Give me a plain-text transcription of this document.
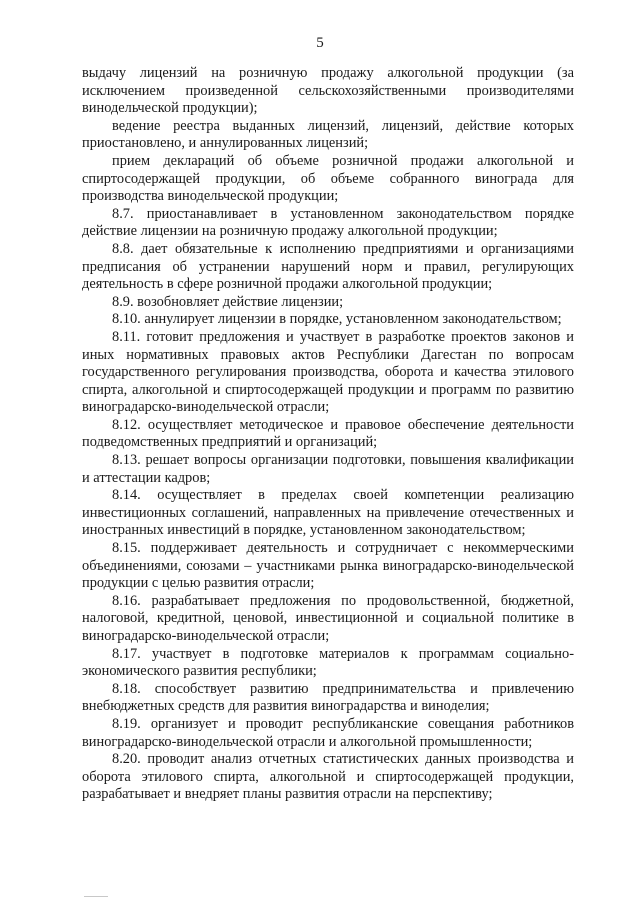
5

выдачу лицензий на розничную продажу алкогольной продукции (за исключением произведенной сельскохозяйственными производителями винодельческой продукции);

ведение реестра выданных лицензий, лицензий, действие которых приостановлено, и аннулированных лицензий;

прием деклараций об объеме розничной продажи алкогольной и спиртосодержащей продукции, об объеме собранного винограда для производства винодельческой продукции;

8.7. приостанавливает в установленном законодательством порядке действие лицензии на розничную продажу алкогольной продукции;

8.8. дает обязательные к исполнению предприятиями и организациями предписания об устранении нарушений норм и правил, регулирующих деятельность в сфере розничной продажи алкогольной продукции;

8.9. возобновляет действие лицензии;

8.10. аннулирует лицензии в порядке, установленном законодательством;

8.11. готовит предложения и участвует в разработке проектов законов и иных нормативных правовых актов Республики Дагестан по вопросам государственного регулирования производства, оборота и качества этилового спирта, алкогольной и спиртосодержащей продукции и программ по развитию виноградарско-винодельческой отрасли;

8.12. осуществляет методическое и правовое обеспечение деятельности подведомственных предприятий и организаций;

8.13. решает вопросы организации подготовки, повышения квалификации и аттестации кадров;

8.14. осуществляет в пределах своей компетенции реализацию инвестиционных соглашений, направленных на привлечение отечественных и иностранных инвестиций в порядке, установленном законодательством;

8.15. поддерживает деятельность и сотрудничает с некоммерческими объединениями, союзами – участниками рынка виноградарско-винодельческой продукции с целью развития отрасли;

8.16. разрабатывает предложения по продовольственной, бюджетной, налоговой, кредитной, ценовой, инвестиционной и социальной политике в виноградарско-винодельческой отрасли;

8.17. участвует в подготовке материалов к программам социально-экономического развития республики;

8.18. способствует развитию предпринимательства и привлечению внебюджетных средств для развития виноградарства и виноделия;

8.19. организует и проводит республиканские совещания работников виноградарско-винодельческой отрасли и алкогольной промышленности;

8.20. проводит анализ отчетных статистических данных производства и оборота этилового спирта, алкогольной и спиртосодержащей продукции, разрабатывает и внедряет планы развития отрасли на перспективу;
